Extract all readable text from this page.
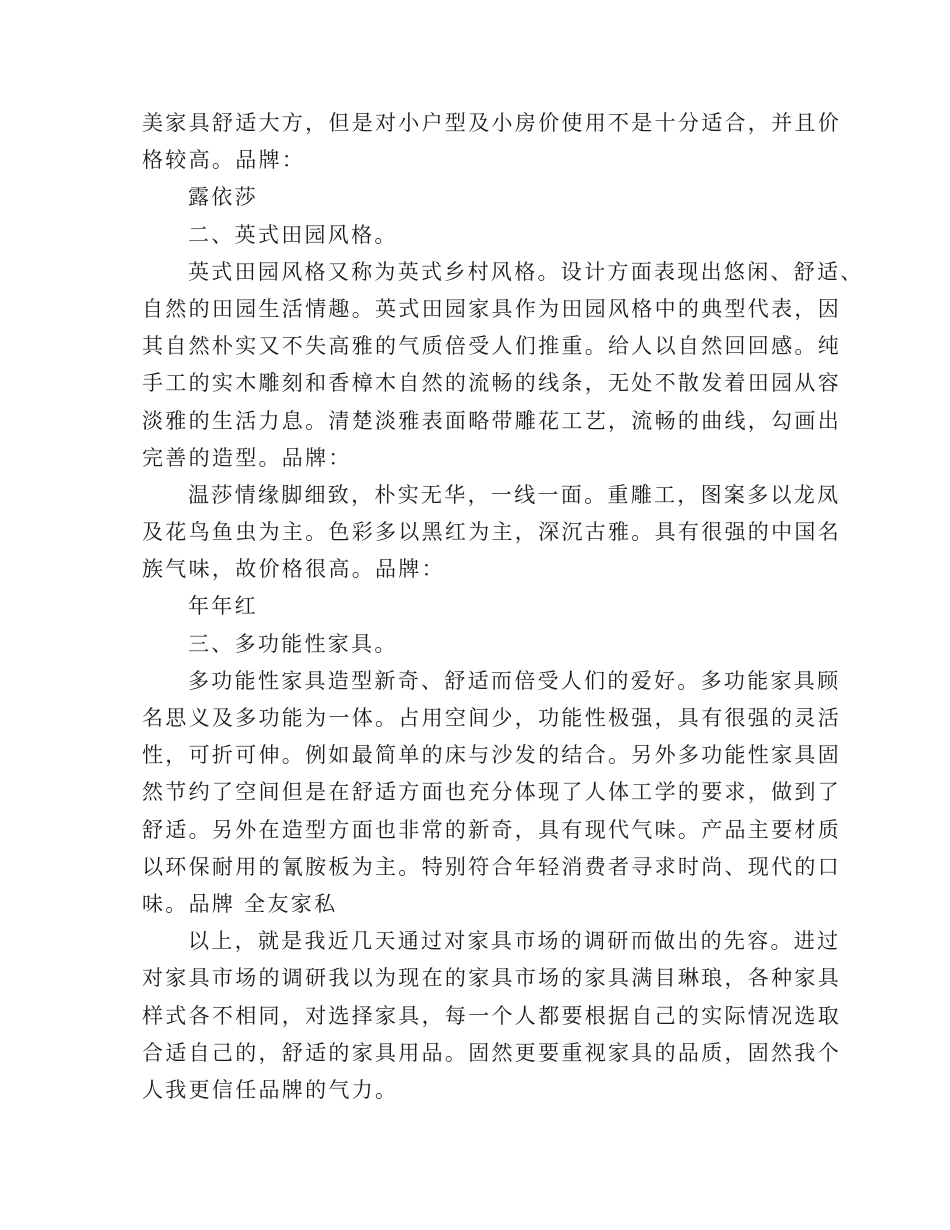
美家具舒适大方，但是对小户型及小房价使用不是十分适合，并且价
格较高。品牌：
露依莎
二、英式田园风格。
英式田园风格又称为英式乡村风格。设计方面表现出悠闲、舒适、
自然的田园生活情趣。英式田园家具作为田园风格中的典型代表，因
其自然朴实又不失高雅的气质倍受人们推重。给人以自然回回感。纯
手工的实木雕刻和香樟木自然的流畅的线条，无处不散发着田园从容
淡雅的生活力息。清楚淡雅表面略带雕花工艺，流畅的曲线，勾画出
完善的造型。品牌：
温莎情缘脚细致，朴实无华，一线一面。重雕工，图案多以龙凤
及花鸟鱼虫为主。色彩多以黑红为主，深沉古雅。具有很强的中国名
族气味，故价格很高。品牌：
年年红
三、多功能性家具。
多功能性家具造型新奇、舒适而倍受人们的爱好。多功能家具顾
名思义及多功能为一体。占用空间少，功能性极强，具有很强的灵活
性，可折可伸。例如最简单的床与沙发的结合。另外多功能性家具固
然节约了空间但是在舒适方面也充分体现了人体工学的要求，做到了
舒适。另外在造型方面也非常的新奇，具有现代气味。产品主要材质
以环保耐用的氰胺板为主。特别符合年轻消费者寻求时尚、现代的口
味。品牌 全友家私
以上，就是我近几天通过对家具市场的调研而做出的先容。进过
对家具市场的调研我以为现在的家具市场的家具满目琳琅，各种家具
样式各不相同，对选择家具，每一个人都要根据自己的实际情况选取
合适自己的，舒适的家具用品。固然更要重视家具的品质，固然我个
人我更信任品牌的气力。
